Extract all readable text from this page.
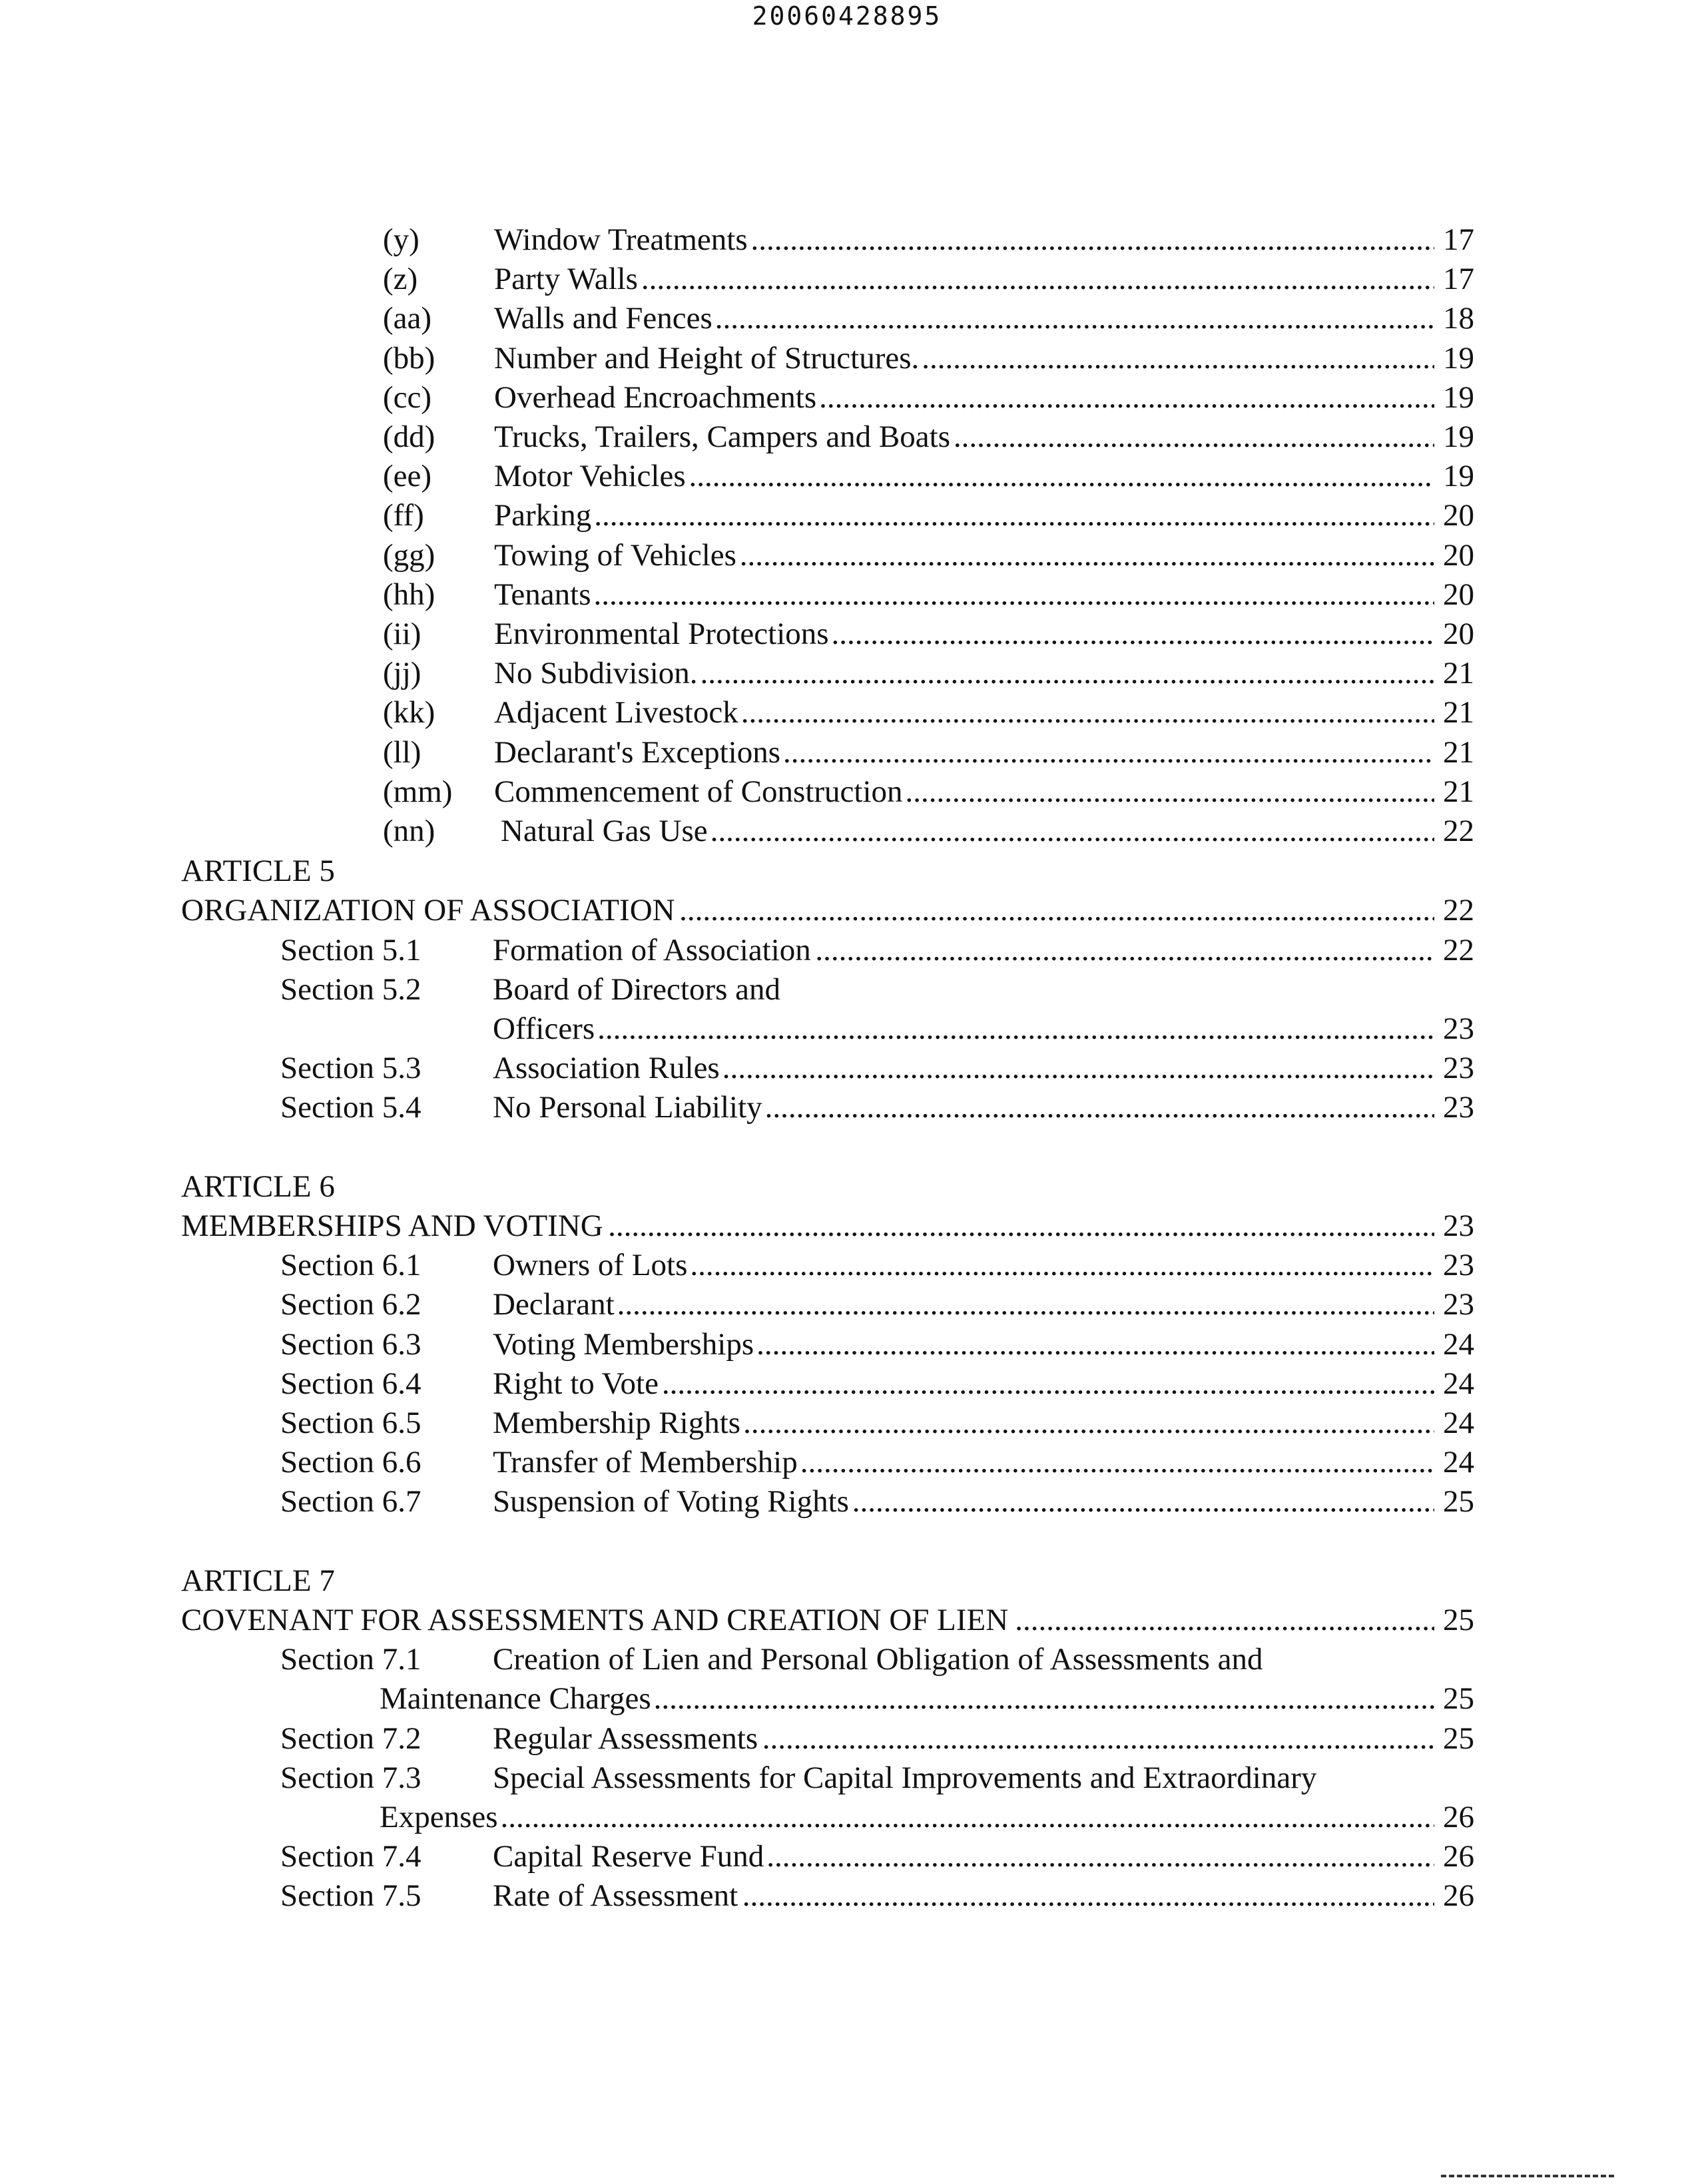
20060428895
(y) Window Treatments .....	17
(z) Party Walls .....	17
(aa) Walls and Fences .....	18
(bb) Number and Height of Structures. .....	19
(cc) Overhead Encroachments .....	19
(dd) Trucks, Trailers, Campers and Boats .....	19
(ee) Motor Vehicles .....	19
(ff) Parking .....	20
(gg) Towing of Vehicles .....	20
(hh) Tenants .....	20
(ii) Environmental Protections .....	20
(jj) No Subdivision. .....	21
(kk) Adjacent Livestock .....	21
(ll) Declarant's Exceptions .....	21
(mm) Commencement of Construction .....	21
(nn) Natural Gas Use .....	22
ARTICLE 5
ORGANIZATION OF ASSOCIATION .....	22
Section 5.1 Formation of Association .....	22
Section 5.2 Board of Directors and
Officers .....	23
Section 5.3 Association Rules .....	23
Section 5.4 No Personal Liability .....	23
ARTICLE 6
MEMBERSHIPS AND VOTING .....	23
Section 6.1 Owners of Lots .....	23
Section 6.2 Declarant .....	23
Section 6.3 Voting Memberships .....	24
Section 6.4 Right to Vote .....	24
Section 6.5 Membership Rights .....	24
Section 6.6 Transfer of Membership .....	24
Section 6.7 Suspension of Voting Rights .....	25
ARTICLE 7
COVENANT FOR ASSESSMENTS AND CREATION OF LIEN .....	25
Section 7.1 Creation of Lien and Personal Obligation of Assessments and
Maintenance Charges .....	25
Section 7.2 Regular Assessments .....	25
Section 7.3 Special Assessments for Capital Improvements and Extraordinary
Expenses .....	26
Section 7.4 Capital Reserve Fund .....	26
Section 7.5 Rate of Assessment .....	26
